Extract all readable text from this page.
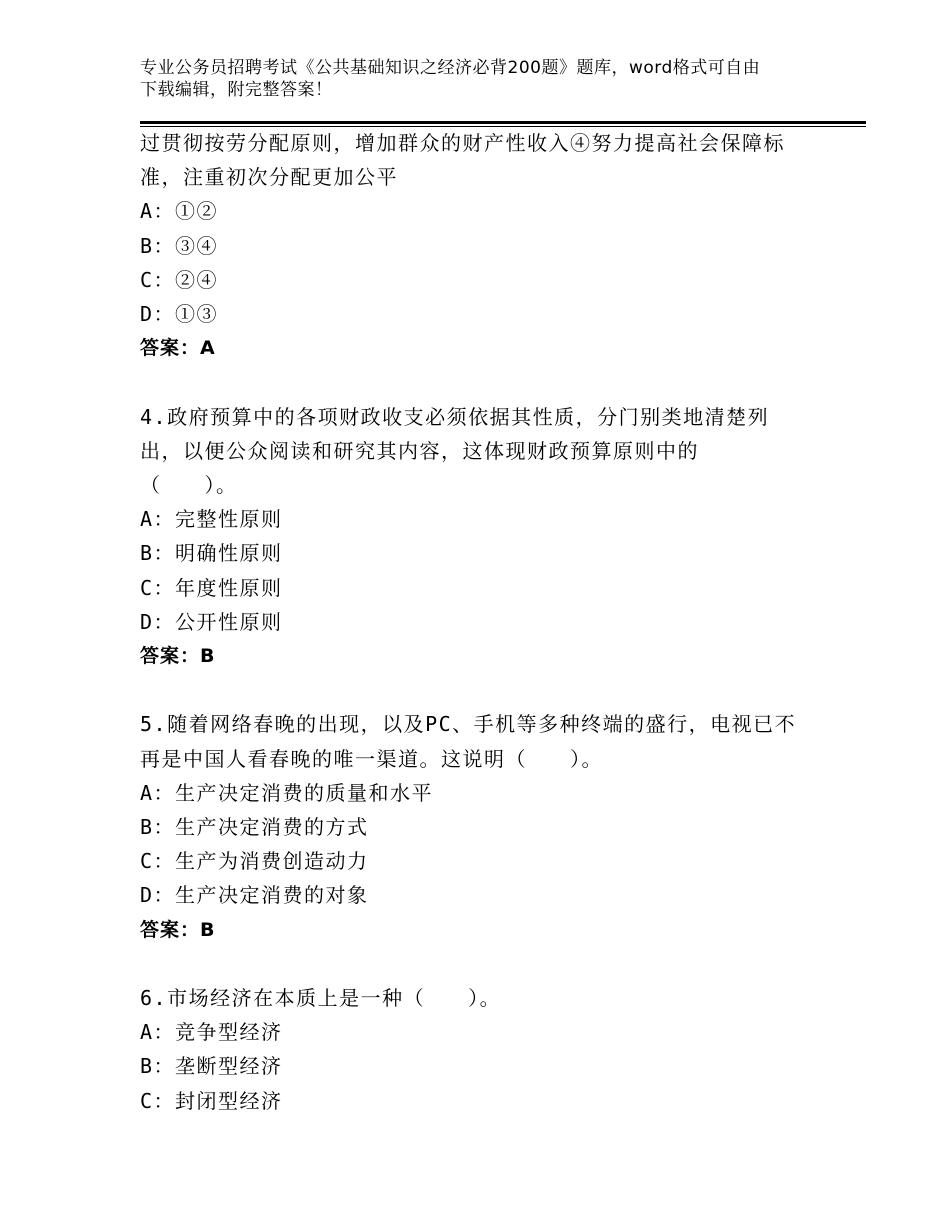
专业公务员招聘考试《公共基础知识之经济必背200题》题库，word格式可自由
下载编辑，附完整答案！
过贯彻按劳分配原则，增加群众的财产性收入④努力提高社会保障标
准，注重初次分配更加公平
A：①②
B：③④
C：②④
D：①③
答案：A
4.政府预算中的各项财政收支必须依据其性质，分门别类地清楚列
出，以便公众阅读和研究其内容，这体现财政预算原则中的
（　　）。
A：完整性原则
B：明确性原则
C：年度性原则
D：公开性原则
答案：B
5.随着网络春晚的出现，以及PC、手机等多种终端的盛行，电视已不
再是中国人看春晚的唯一渠道。这说明（　　）。
A：生产决定消费的质量和水平
B：生产决定消费的方式
C：生产为消费创造动力
D：生产决定消费的对象
答案：B
6.市场经济在本质上是一种（　　）。
A：竞争型经济
B：垄断型经济
C：封闭型经济
